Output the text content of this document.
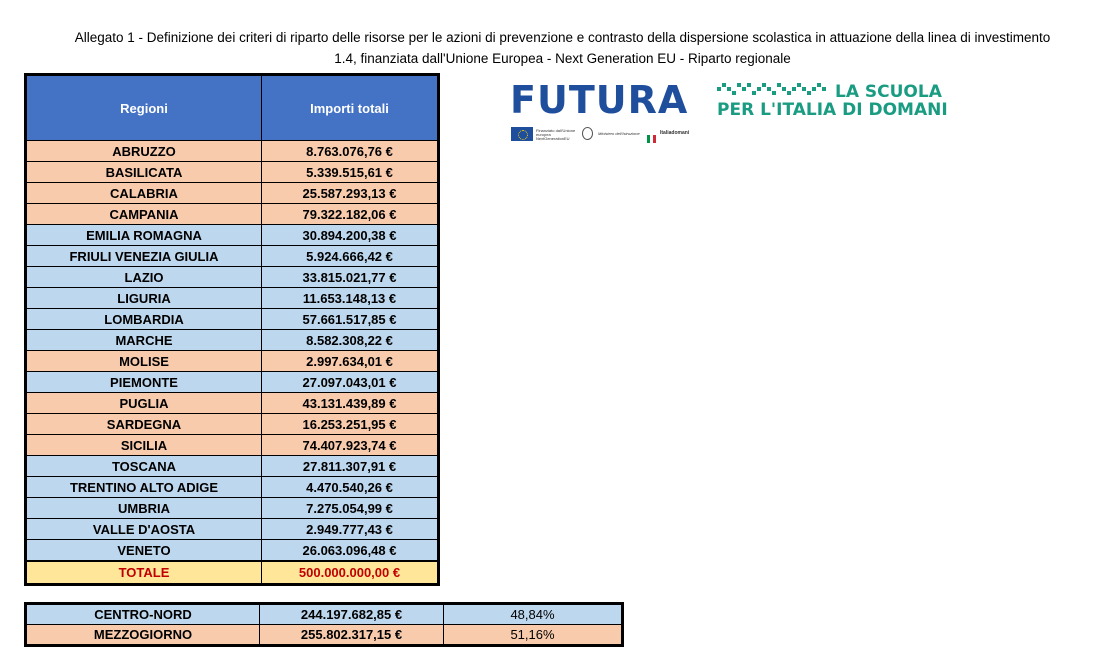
Allegato 1 - Definizione dei criteri di riparto delle risorse per le azioni di prevenzione e contrasto della dispersione scolastica in attuazione della linea di investimento
1.4, finanziata dall'Unione Europea - Next Generation EU - Riparto regionale
Regioni	Importi totali
ABRUZZO	8.763.076,76 €
BASILICATA	5.339.515,61 €
CALABRIA	25.587.293,13 €
CAMPANIA	79.322.182,06 €
EMILIA ROMAGNA	30.894.200,38 €
FRIULI VENEZIA GIULIA	5.924.666,42 €
LAZIO	33.815.021,77 €
LIGURIA	11.653.148,13 €
LOMBARDIA	57.661.517,85 €
MARCHE	8.582.308,22 €
MOLISE	2.997.634,01 €
PIEMONTE	27.097.043,01 €
PUGLIA	43.131.439,89 €
SARDEGNA	16.253.251,95 €
SICILIA	74.407.923,74 €
TOSCANA	27.811.307,91 €
TRENTINO ALTO ADIGE	4.470.540,26 €
UMBRIA	7.275.054,99 €
VALLE D'AOSTA	2.949.777,43 €
VENETO	26.063.096,48 €
TOTALE	500.000.000,00 €
CENTRO-NORD	244.197.682,85 €	48,84%
MEZZOGIORNO	255.802.317,15 €	51,16%
FUTURA	LA SCUOLA
PER L'ITALIA DI DOMANI
Finanziato dall'Unione europea NextGenerationEU
Ministero dell'Istruzione	Italiadomani
